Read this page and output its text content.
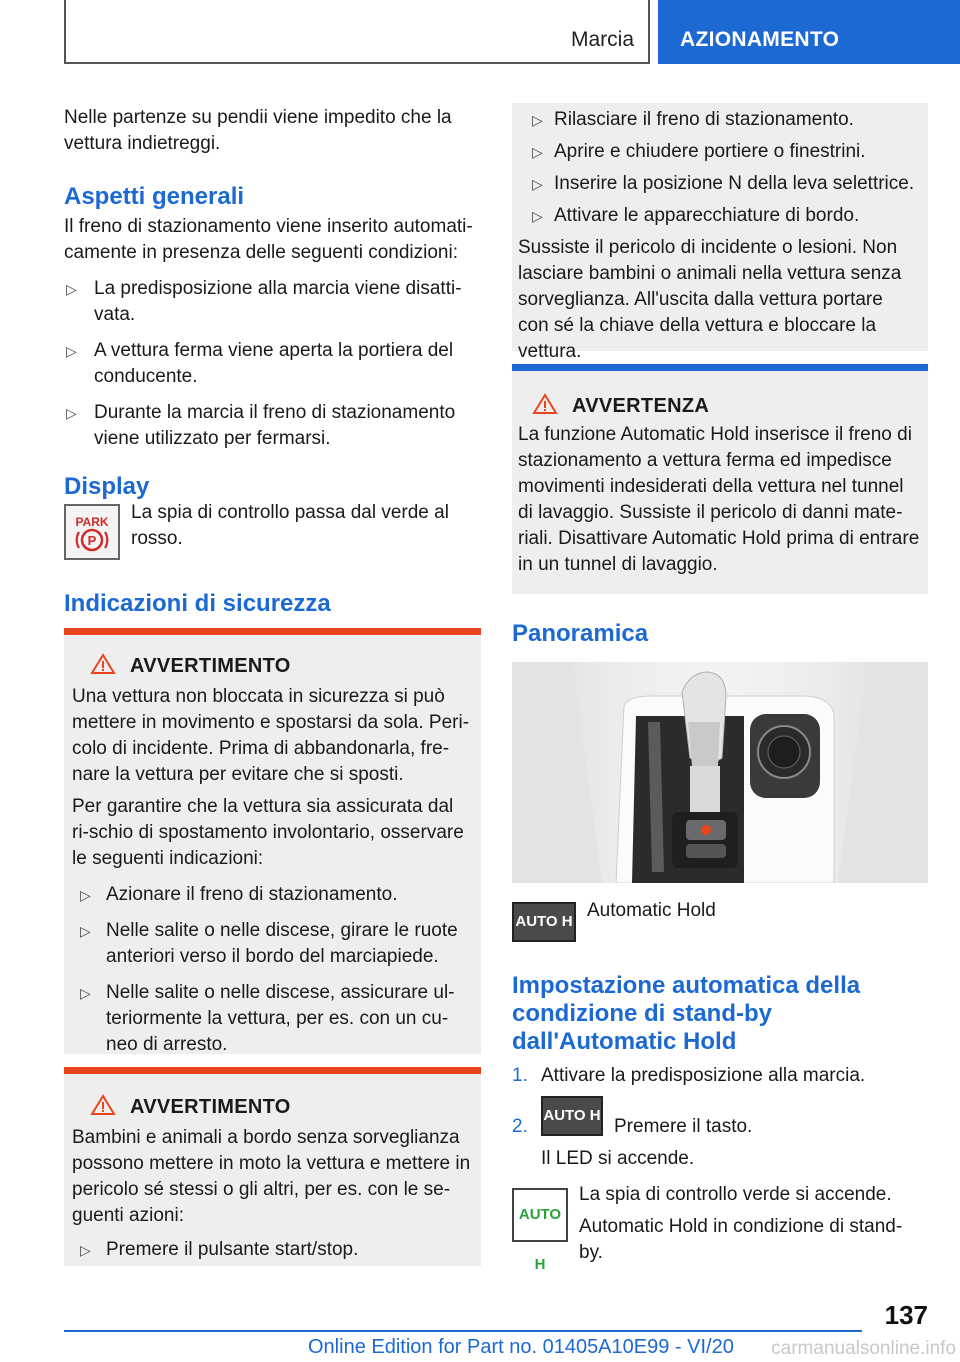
Marcia AZIONAMENTO

Nelle partenze su pendii viene impedito che la vettura indietreggi.

Aspetti generali

Il freno di stazionamento viene inserito automati-camente in presenza delle seguenti condizioni:

▷ La predisposizione alla marcia viene disatti-vata.
▷ A vettura ferma viene aperta la portiera del conducente.
▷ Durante la marcia il freno di stazionamento viene utilizzato per fermarsi.
Display
PARK
P

La spia di controllo passa dal verde al rosso.

Indicazioni di sicurezza
AVVERTIMENTO

Una vettura non bloccata in sicurezza si può mettere in movimento e spostarsi da sola. Peri-colo di incidente. Prima di abbandonarla, fre-nare la vettura per evitare che si sposti.

Per garantire che la vettura sia assicurata dal ri-schio di spostamento involontario, osservare le seguenti indicazioni:

▷ Azionare il freno di stazionamento.
▷ Nelle salite o nelle discese, girare le ruote anteriori verso il bordo del marciapiede.
▷ Nelle salite o nelle discese, assicurare ul-teriormente la vettura, per es. con un cu-neo di arresto.
AVVERTIMENTO

Bambini e animali a bordo senza sorveglianza possono mettere in moto la vettura e mettere in pericolo sé stessi o gli altri, per es. con le se-guenti azioni:

▷ Premere il pulsante start/stop.
▷ Rilasciare il freno di stazionamento.
▷ Aprire e chiudere portiere o finestrini.
▷ Inserire la posizione N della leva selettrice.
▷ Attivare le apparecchiature di bordo.

Sussiste il pericolo di incidente o lesioni. Non lasciare bambini o animali nella vettura senza sorveglianza. All'uscita dalla vettura portare con sé la chiave della vettura e bloccare la vettura.

AVVERTENZA

La funzione Automatic Hold inserisce il freno di stazionamento a vettura ferma ed impedisce movimenti indesiderati della vettura nel tunnel di lavaggio. Sussiste il pericolo di danni mate-riali. Disattivare Automatic Hold prima di entrare in un tunnel di lavaggio.

Panoramica
AUTO H

Automatic Hold

Impostazione automatica della condizione di stand-by dall'Automatic Hold
1. Attivare la predisposizione alla marcia.
2.
AUTO H

Premere il tasto.

Il LED si accende.

AUTO H

La spia di controllo verde si accende.

Automatic Hold in condizione di stand-by.

137
Online Edition for Part no. 01405A10E99 - VI/20 carmanualsonline.info
